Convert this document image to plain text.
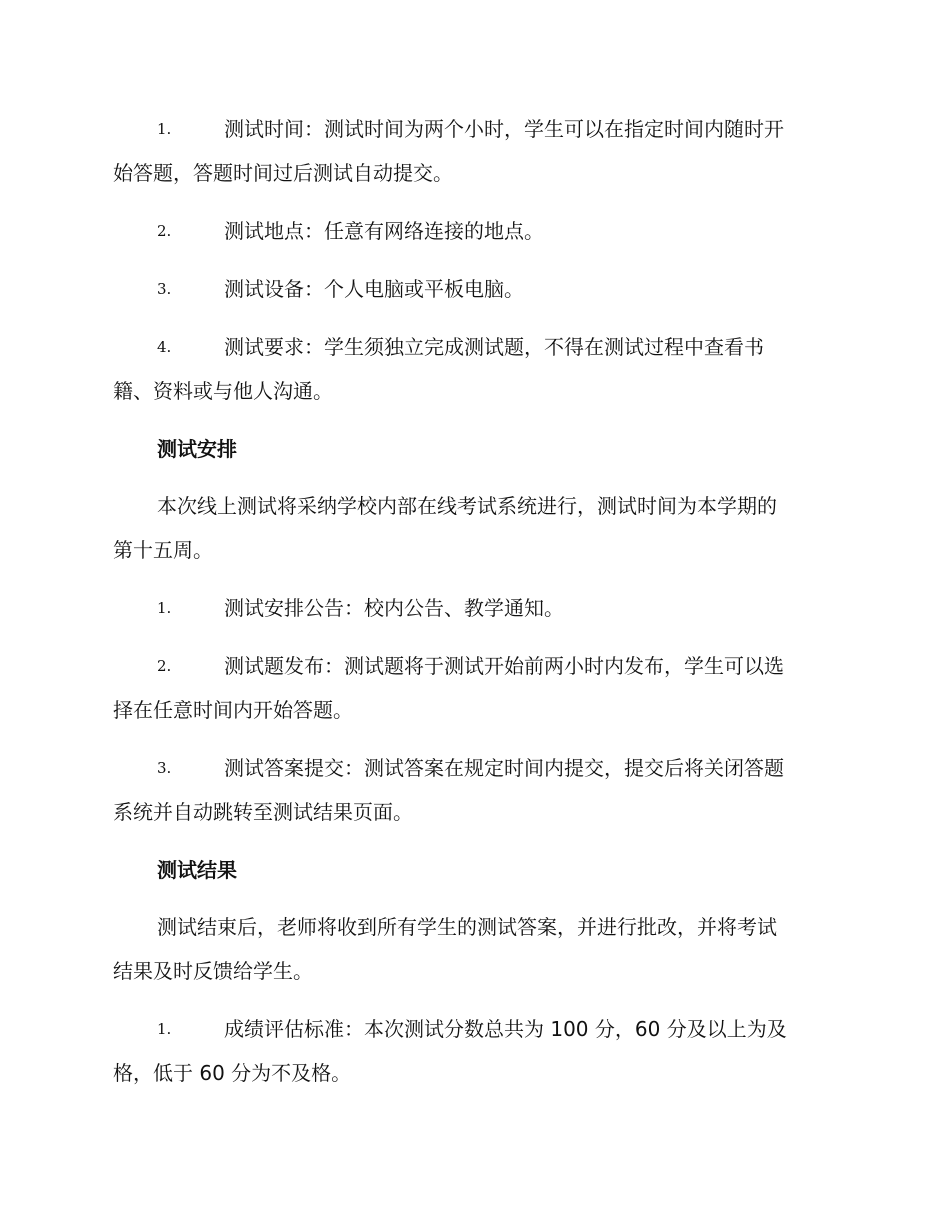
1.	测试时间：测试时间为两个小时，学生可以在指定时间内随时开
始答题，答题时间过后测试自动提交。
2.	测试地点：任意有网络连接的地点。
3.	测试设备：个人电脑或平板电脑。
4.	测试要求：学生须独立完成测试题，不得在测试过程中查看书
籍、资料或与他人沟通。
测试安排
本次线上测试将采纳学校内部在线考试系统进行，测试时间为本学期的
第十五周。
1.	测试安排公告：校内公告、教学通知。
2.	测试题发布：测试题将于测试开始前两小时内发布，学生可以选
择在任意时间内开始答题。
3.	测试答案提交：测试答案在规定时间内提交，提交后将关闭答题
系统并自动跳转至测试结果页面。
测试结果
测试结束后，老师将收到所有学生的测试答案，并进行批改，并将考试
结果及时反馈给学生。
1.	成绩评估标准：本次测试分数总共为 100 分，60 分及以上为及
格，低于 60 分为不及格。
